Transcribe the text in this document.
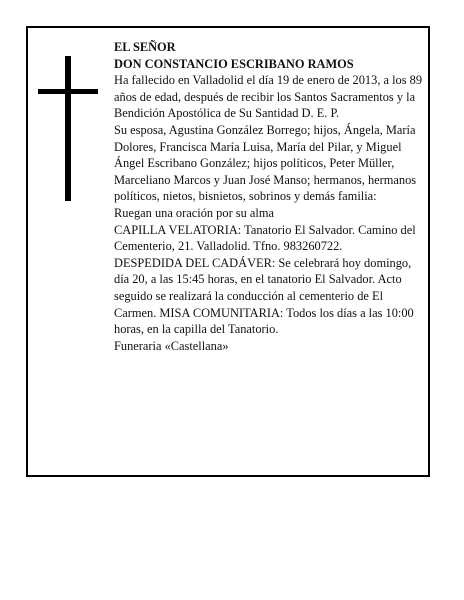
EL SEÑOR

DON CONSTANCIO ESCRIBANO RAMOS

Ha fallecido en Valladolid el día 19 de enero de 2013, a los 89 años de edad, después de recibir los Santos Sacramentos y la Bendición Apostólica de Su Santidad D. E. P.

Su esposa, Agustina González Borrego; hijos, Ángela, María Dolores, Francisca María Luisa, María del Pilar, y Miguel Ángel Escribano González; hijos políticos, Peter Müller, Marceliano Marcos y Juan José Manso; hermanos, hermanos políticos, nietos, bisnietos, sobrinos y demás familia:

Ruegan una oración por su alma

CAPILLA VELATORIA: Tanatorio El Salvador. Camino del Cementerio, 21. Valladolid. Tfno. 983260722.

DESPEDIDA DEL CADÁVER: Se celebrará hoy domingo, día 20, a las 15:45 horas, en el tanatorio El Salvador. Acto seguido se realizará la conducción al cementerio de El Carmen. MISA COMUNITARIA: Todos los días a las 10:00 horas, en la capilla del Tanatorio.

Funeraria «Castellana»
